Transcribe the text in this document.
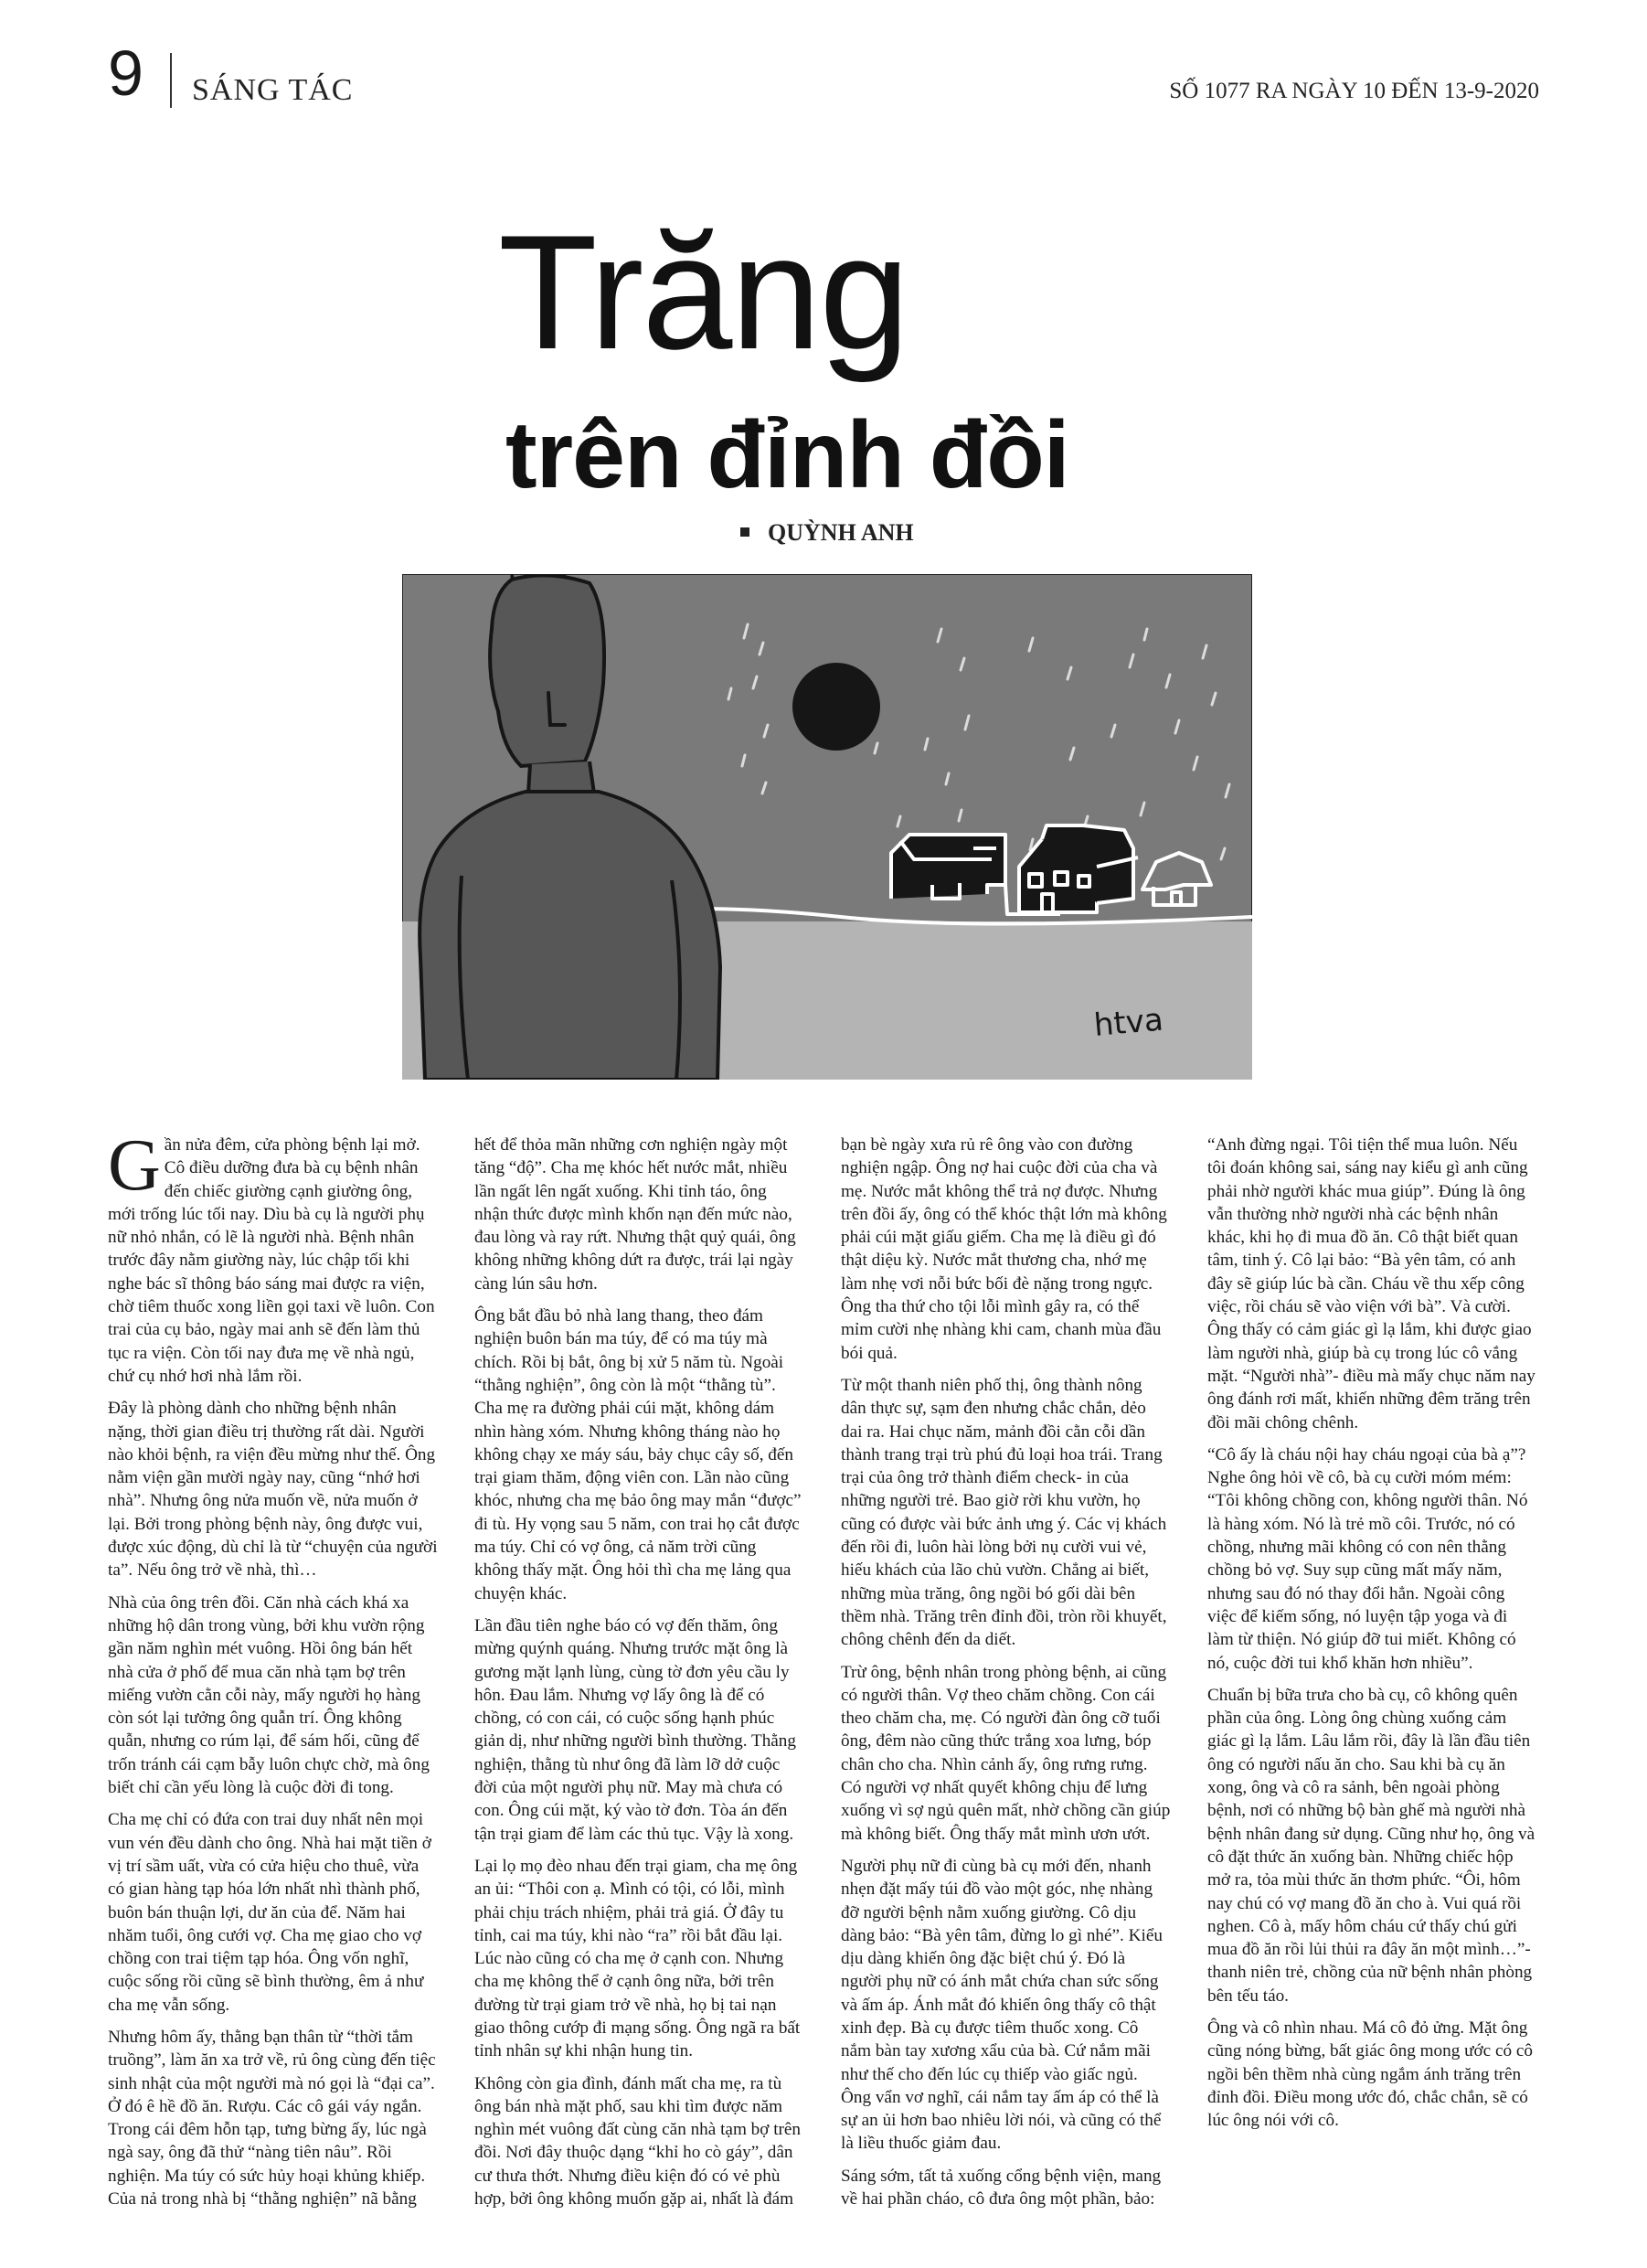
9 SÁNG TÁC	SỐ 1077 RA NGÀY 10 ĐẾN 13-9-2020
Trăng
trên đỉnh đồi
QUỲNH ANH
htva

Gần nửa đêm, cửa phòng bệnh lại mở. Cô điều dưỡng đưa bà cụ bệnh nhân đến chiếc giường cạnh giường ông, mới trống lúc tối nay. Dìu bà cụ là người phụ nữ nhỏ nhắn, có lẽ là người nhà. Bệnh nhân trước đây nằm giường này, lúc chập tối khi nghe bác sĩ thông báo sáng mai được ra viện, chờ tiêm thuốc xong liền gọi taxi về luôn. Con trai của cụ bảo, ngày mai anh sẽ đến làm thủ tục ra viện. Còn tối nay đưa mẹ về nhà ngủ, chứ cụ nhớ hơi nhà lắm rồi.

Đây là phòng dành cho những bệnh nhân nặng, thời gian điều trị thường rất dài. Người nào khỏi bệnh, ra viện đều mừng như thế. Ông nằm viện gần mười ngày nay, cũng “nhớ hơi nhà”. Nhưng ông nửa muốn về, nửa muốn ở lại. Bởi trong phòng bệnh này, ông được vui, được xúc động, dù chỉ là từ “chuyện của người ta”. Nếu ông trở về nhà, thì…

Nhà của ông trên đồi. Căn nhà cách khá xa những hộ dân trong vùng, bởi khu vườn rộng gần năm nghìn mét vuông. Hồi ông bán hết nhà cửa ở phố để mua căn nhà tạm bợ trên miếng vườn cằn cỗi này, mấy người họ hàng còn sót lại tưởng ông quẫn trí. Ông không quẫn, nhưng co rúm lại, để sám hối, cũng để trốn tránh cái cạm bẫy luôn chực chờ, mà ông biết chỉ cần yếu lòng là cuộc đời đi tong.

Cha mẹ chỉ có đứa con trai duy nhất nên mọi vun vén đều dành cho ông. Nhà hai mặt tiền ở vị trí sầm uất, vừa có cửa hiệu cho thuê, vừa có gian hàng tạp hóa lớn nhất nhì thành phố, buôn bán thuận lợi, dư ăn của để. Năm hai nhăm tuổi, ông cưới vợ. Cha mẹ giao cho vợ chồng con trai tiệm tạp hóa. Ông vốn nghĩ, cuộc sống rồi cũng sẽ bình thường, êm ả như cha mẹ vẫn sống.

Nhưng hôm ấy, thằng bạn thân từ “thời tắm truồng”, làm ăn xa trở về, rủ ông cùng đến tiệc sinh nhật của một người mà nó gọi là “đại ca”. Ở đó ê hề đồ ăn. Rượu. Các cô gái váy ngắn. Trong cái đêm hỗn tạp, tưng bừng ấy, lúc ngà ngà say, ông đã thử “nàng tiên nâu”. Rồi nghiện. Ma túy có sức hủy hoại khủng khiếp. Của nả trong nhà bị “thằng nghiện” nã bằng hết để thỏa mãn những cơn nghiện ngày một tăng “độ”. Cha mẹ khóc hết nước mắt, nhiều lần ngất lên ngất xuống. Khi tỉnh táo, ông nhận thức được mình khốn nạn đến mức nào, đau lòng và ray rứt. Nhưng thật quỷ quái, ông không những không dứt ra được, trái lại ngày càng lún sâu hơn.

Ông bắt đầu bỏ nhà lang thang, theo đám nghiện buôn bán ma túy, để có ma túy mà chích. Rồi bị bắt, ông bị xử 5 năm tù. Ngoài “thằng nghiện”, ông còn là một “thằng tù”. Cha mẹ ra đường phải cúi mặt, không dám nhìn hàng xóm. Nhưng không tháng nào họ không chạy xe máy sáu, bảy chục cây số, đến trại giam thăm, động viên con. Lần nào cũng khóc, nhưng cha mẹ bảo ông may mắn “được” đi tù. Hy vọng sau 5 năm, con trai họ cắt được ma túy. Chỉ có vợ ông, cả năm trời cũng không thấy mặt. Ông hỏi thì cha mẹ lảng qua chuyện khác.

Lần đầu tiên nghe báo có vợ đến thăm, ông mừng quýnh quáng. Nhưng trước mặt ông là gương mặt lạnh lùng, cùng tờ đơn yêu cầu ly hôn. Đau lắm. Nhưng vợ lấy ông là để có chồng, có con cái, có cuộc sống hạnh phúc giản dị, như những người bình thường. Thằng nghiện, thằng tù như ông đã làm lỡ dở cuộc đời của một người phụ nữ. May mà chưa có con. Ông cúi mặt, ký vào tờ đơn. Tòa án đến tận trại giam để làm các thủ tục. Vậy là xong.

Lại lọ mọ đèo nhau đến trại giam, cha mẹ ông an ủi: “Thôi con ạ. Mình có tội, có lỗi, mình phải chịu trách nhiệm, phải trả giá. Ở đây tu tỉnh, cai ma túy, khi nào “ra” rồi bắt đầu lại. Lúc nào cũng có cha mẹ ở cạnh con. Nhưng cha mẹ không thể ở cạnh ông nữa, bởi trên đường từ trại giam trở về nhà, họ bị tai nạn giao thông cướp đi mạng sống. Ông ngã ra bất tỉnh nhân sự khi nhận hung tin.

Không còn gia đình, đánh mất cha mẹ, ra tù ông bán nhà mặt phố, sau khi tìm được năm nghìn mét vuông đất cùng căn nhà tạm bợ trên đồi. Nơi đây thuộc dạng “khỉ ho cò gáy”, dân cư thưa thớt. Nhưng điều kiện đó có vẻ phù hợp, bởi ông không muốn gặp ai, nhất là đám bạn bè ngày xưa rủ rê ông vào con đường nghiện ngập. Ông nợ hai cuộc đời của cha và mẹ. Nước mắt không thể trả nợ được. Nhưng trên đồi ấy, ông có thể khóc thật lớn mà không phải cúi mặt giấu giếm. Cha mẹ là điều gì đó thật diệu kỳ. Nước mắt thương cha, nhớ mẹ làm nhẹ vơi nỗi bức bối đè nặng trong ngực. Ông tha thứ cho tội lỗi mình gây ra, có thể mỉm cười nhẹ nhàng khi cam, chanh mùa đầu bói quả.

Từ một thanh niên phố thị, ông thành nông dân thực sự, sạm đen nhưng chắc chắn, dẻo dai ra. Hai chục năm, mảnh đồi cằn cỗi dần thành trang trại trù phú đủ loại hoa trái. Trang trại của ông trở thành điểm check- in của những người trẻ. Bao giờ rời khu vườn, họ cũng có được vài bức ảnh ưng ý. Các vị khách đến rồi đi, luôn hài lòng bởi nụ cười vui vẻ, hiếu khách của lão chủ vườn. Chẳng ai biết, những mùa trăng, ông ngồi bó gối dài bên thềm nhà. Trăng trên đỉnh đồi, tròn rồi khuyết, chông chênh đến da diết.

Trừ ông, bệnh nhân trong phòng bệnh, ai cũng có người thân. Vợ theo chăm chồng. Con cái theo chăm cha, mẹ. Có người đàn ông cỡ tuổi ông, đêm nào cũng thức trắng xoa lưng, bóp chân cho cha. Nhìn cảnh ấy, ông rưng rưng. Có người vợ nhất quyết không chịu để lưng xuống vì sợ ngủ quên mất, nhờ chồng cần giúp mà không biết. Ông thấy mắt mình ươn ướt.

Người phụ nữ đi cùng bà cụ mới đến, nhanh nhẹn đặt mấy túi đồ vào một góc, nhẹ nhàng đỡ người bệnh nằm xuống giường. Cô dịu dàng bảo: “Bà yên tâm, đừng lo gì nhé”. Kiểu dịu dàng khiến ông đặc biệt chú ý. Đó là người phụ nữ có ánh mắt chứa chan sức sống và ấm áp. Ánh mắt đó khiến ông thấy cô thật xinh đẹp. Bà cụ được tiêm thuốc xong. Cô nắm bàn tay xương xẩu của bà. Cứ nắm mãi như thế cho đến lúc cụ thiếp vào giấc ngủ. Ông vẩn vơ nghĩ, cái nắm tay ấm áp có thể là sự an ủi hơn bao nhiêu lời nói, và cũng có thể là liều thuốc giảm đau.

Sáng sớm, tất tả xuống cổng bệnh viện, mang về hai phần cháo, cô đưa ông một phần, bảo: “Anh đừng ngại. Tôi tiện thể mua luôn. Nếu tôi đoán không sai, sáng nay kiểu gì anh cũng phải nhờ người khác mua giúp”. Đúng là ông vẫn thường nhờ người nhà các bệnh nhân khác, khi họ đi mua đồ ăn. Cô thật biết quan tâm, tinh ý. Cô lại bảo: “Bà yên tâm, có anh đây sẽ giúp lúc bà cần. Cháu về thu xếp công việc, rồi cháu sẽ vào viện với bà”. Và cười. Ông thấy có cảm giác gì lạ lắm, khi được giao làm người nhà, giúp bà cụ trong lúc cô vắng mặt. “Người nhà”- điều mà mấy chục năm nay ông đánh rơi mất, khiến những đêm trăng trên đồi mãi chông chênh.

“Cô ấy là cháu nội hay cháu ngoại của bà ạ”? Nghe ông hỏi về cô, bà cụ cười móm mém: “Tôi không chồng con, không người thân. Nó là hàng xóm. Nó là trẻ mồ côi. Trước, nó có chồng, nhưng mãi không có con nên thằng chồng bỏ vợ. Suy sụp cũng mất mấy năm, nhưng sau đó nó thay đổi hẳn. Ngoài công việc để kiếm sống, nó luyện tập yoga và đi làm từ thiện. Nó giúp đỡ tui miết. Không có nó, cuộc đời tui khổ khăn hơn nhiều”.

Chuẩn bị bữa trưa cho bà cụ, cô không quên phần của ông. Lòng ông chùng xuống cảm giác gì lạ lắm. Lâu lắm rồi, đây là lần đầu tiên ông có người nấu ăn cho. Sau khi bà cụ ăn xong, ông và cô ra sảnh, bên ngoài phòng bệnh, nơi có những bộ bàn ghế mà người nhà bệnh nhân đang sử dụng. Cũng như họ, ông và cô đặt thức ăn xuống bàn. Những chiếc hộp mở ra, tỏa mùi thức ăn thơm phức. “Ôi, hôm nay chú có vợ mang đồ ăn cho à. Vui quá rồi nghen. Cô à, mấy hôm cháu cứ thấy chú gửi mua đồ ăn rồi lủi thủi ra đây ăn một mình…”- thanh niên trẻ, chồng của nữ bệnh nhân phòng bên tếu táo.

Ông và cô nhìn nhau. Má cô đỏ ửng. Mặt ông cũng nóng bừng, bất giác ông mong ước có cô ngồi bên thềm nhà cùng ngắm ánh trăng trên đỉnh đồi. Điều mong ước đó, chắc chắn, sẽ có lúc ông nói với cô.
